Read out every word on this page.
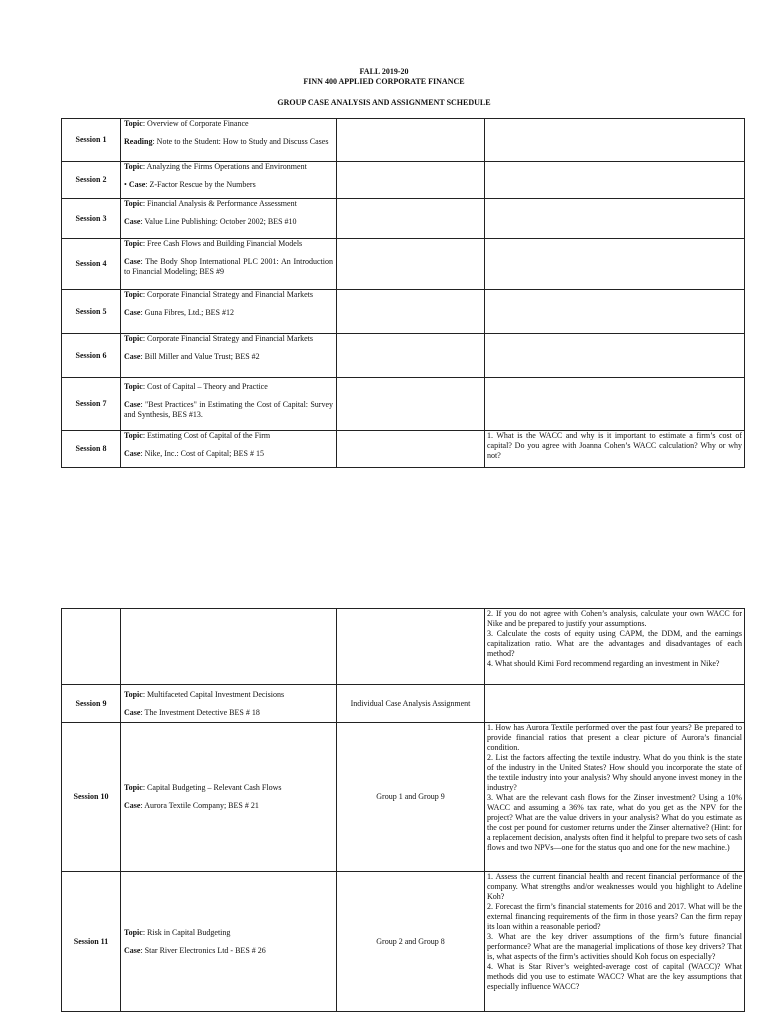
FALL 2019-20
FINN 400 APPLIED CORPORATE FINANCE
GROUP CASE ANALYSIS AND ASSIGNMENT SCHEDULE
Session 1	Topic: Overview of Corporate Finance
Reading: Note to the Student: How to Study and Discuss Cases		

Session 2	Topic: Analyzing the Firms Operations and Environment
• Case: Z-Factor Rescue by the Numbers		

Session 3	Topic: Financial Analysis & Performance Assessment
Case: Value Line Publishing: October 2002; BES #10		

Session 4	Topic: Free Cash Flows and Building Financial Models
Case: The Body Shop International PLC 2001: An Introduction to Financial Modeling; BES #9		

Session 5	Topic: Corporate Financial Strategy and Financial Markets
Case: Guna Fibres, Ltd.; BES #12		

Session 6	Topic: Corporate Financial Strategy and Financial Markets
Case: Bill Miller and Value Trust; BES #2		

Session 7	Topic: Cost of Capital – Theory and Practice
Case: "Best Practices" in Estimating the Cost of Capital: Survey and Synthesis, BES #13.		

Session 8	Topic: Estimating Cost of Capital of the Firm
Case: Nike, Inc.: Cost of Capital; BES # 15		1. What is the WACC and why is it important to estimate a firm’s cost of capital? Do you agree with Joanna Cohen’s WACC calculation? Why or why not?

			2. If you do not agree with Cohen’s analysis, calculate your own WACC for Nike and be prepared to justify your assumptions.
3. Calculate the costs of equity using CAPM, the DDM, and the earnings capitalization ratio. What are the advantages and disadvantages of each method?
4. What should Kimi Ford recommend regarding an investment in Nike?

Session 9	Topic: Multifaceted Capital Investment Decisions
Case: The Investment Detective BES # 18	Individual Case Analysis Assignment	
Session 10	Topic: Capital Budgeting – Relevant Cash Flows
Case: Aurora Textile Company; BES # 21	Group 1 and Group 9	1. How has Aurora Textile performed over the past four years? Be prepared to provide financial ratios that present a clear picture of Aurora’s financial condition.
2. List the factors affecting the textile industry. What do you think is the state of the industry in the United States? How should you incorporate the state of the textile industry into your analysis? Why should anyone invest money in the industry?
3. What are the relevant cash flows for the Zinser investment? Using a 10% WACC and assuming a 36% tax rate, what do you get as the NPV for the project? What are the value drivers in your analysis? What do you estimate as the cost per pound for customer returns under the Zinser alternative? (Hint: for a replacement decision, analysts often find it helpful to prepare two sets of cash flows and two NPVs—one for the status quo and one for the new machine.)

Session 11	Topic: Risk in Capital Budgeting
Case: Star River Electronics Ltd - BES # 26	Group 2 and Group 8	1. Assess the current financial health and recent financial performance of the company. What strengths and/or weaknesses would you highlight to Adeline Koh?
2. Forecast the firm’s financial statements for 2016 and 2017. What will be the external financing requirements of the firm in those years? Can the firm repay its loan within a reasonable period?
3. What are the key driver assumptions of the firm’s future financial performance? What are the managerial implications of those key drivers? That is, what aspects of the firm’s activities should Koh focus on especially?
4. What is Star River’s weighted-average cost of capital (WACC)? What methods did you use to estimate WACC? What are the key assumptions that especially influence WACC?
